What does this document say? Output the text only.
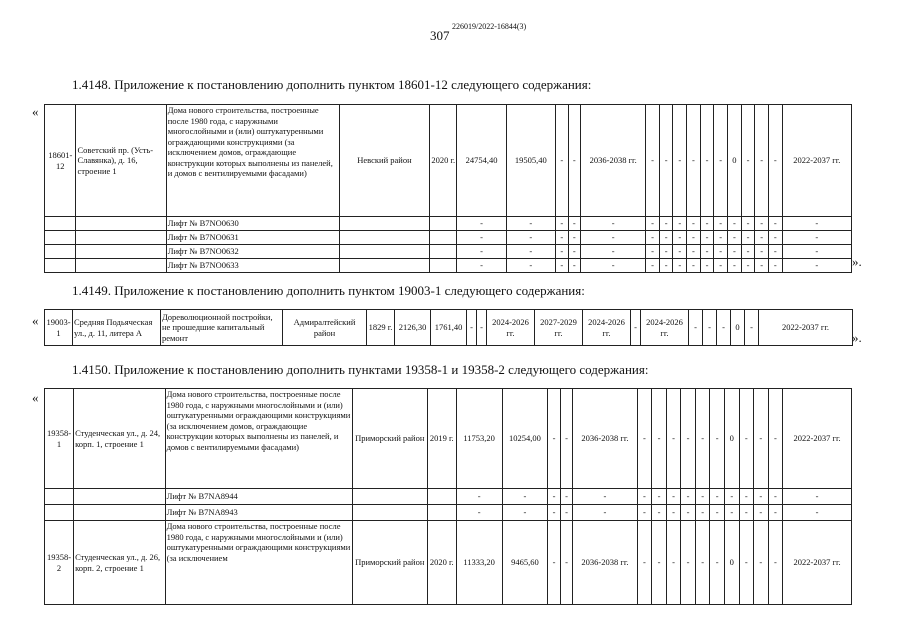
307
226019/2022-16844(3)
1.4148. Приложение к постановлению дополнить пунктом 18601-12 следующего содержания:
«
».
18601-12	Советский пр. (Усть-Славянка), д. 16, строение 1	Дома нового строительства, построенные после 1980 года, с наружными многослойными и (или) оштукатуренными ограждающими конструкциями (за исключением домов, ограждающие конструкции которых выполнены из панелей, и домов с вентилируемыми фасадами)	Невский район	2020 г.	24754,40	19505,40	-	-	2036-2038 гг.	-	-	-	-	-	-	0	-	-	-	2022-2037 гг.
		Лифт № В7NO0630			-	-	-	-	-	-	-	-	-	-	-	-	-	-	-	-
		Лифт № В7NO0631			-	-	-	-	-	-	-	-	-	-	-	-	-	-	-	-
		Лифт № В7NO0632			-	-	-	-	-	-	-	-	-	-	-	-	-	-	-	-
		Лифт № В7NO0633			-	-	-	-	-	-	-	-	-	-	-	-	-	-	-	-
1.4149. Приложение к постановлению дополнить пунктом 19003-1 следующего содержания:
«
».
19003-1	Средняя Подьяческая ул., д. 11, литера А	Дореволюционной постройки, не прошедшие капитальный ремонт	Адмиралтейский район	1829 г.	2126,30	1761,40	-	-	2024-2026 гг.	2027-2029 гг.	2024-2026 гг.	-	2024-2026 гг.	-	-	-	0	-	2022-2037 гг.
1.4150. Приложение к постановлению дополнить пунктами 19358-1 и 19358-2 следующего содержания:
«
19358-1	Студенческая ул., д. 24, корп. 1, строение 1	Дома нового строительства, построенные после 1980 года, с наружными многослойными и (или) оштукатуренными ограждающими конструкциями (за исключением домов, ограждающие конструкции которых выполнены из панелей, и домов с вентилируемыми фасадами)	Приморский район	2019 г.	11753,20	10254,00	-	-	2036-2038 гг.	-	-	-	-	-	-	0	-	-	-	2022-2037 гг.
		Лифт № В7NА8944			-	-	-	-	-	-	-	-	-	-	-	-	-	-	-	-
		Лифт № В7NА8943			-	-	-	-	-	-	-	-	-	-	-	-	-	-	-	-
19358-2	Студенческая ул., д. 26, корп. 2, строение 1	Дома нового строительства, построенные после 1980 года, с наружными многослойными и (или) оштукатуренными ограждающими конструкциями (за исключением	Приморский район	2020 г.	11333,20	9465,60	-	-	2036-2038 гг.	-	-	-	-	-	-	0	-	-	-	2022-2037 гг.
